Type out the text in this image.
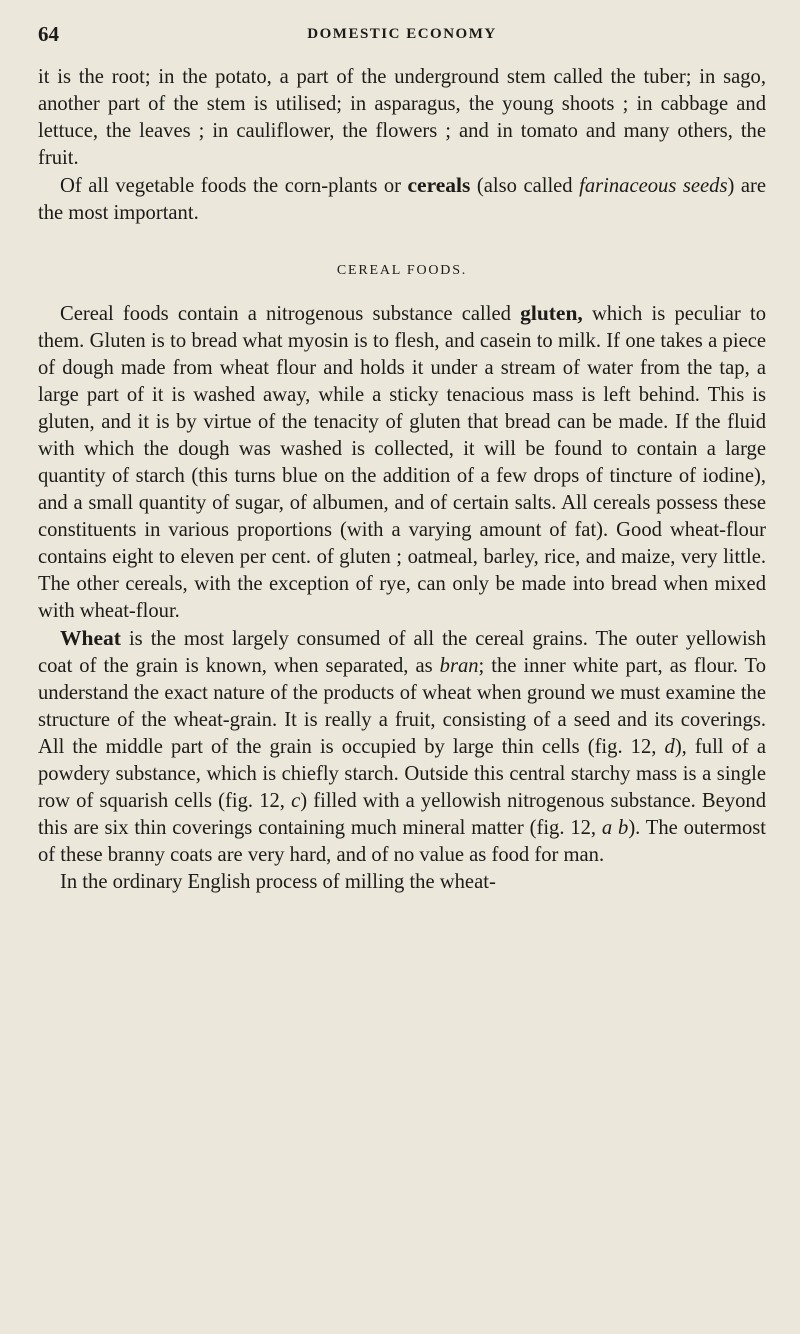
64	DOMESTIC ECONOMY

it is the root; in the potato, a part of the underground stem called the tuber; in sago, another part of the stem is utilised; in asparagus, the young shoots ; in cabbage and lettuce, the leaves ; in cauliflower, the flowers ; and in tomato and many others, the fruit.

Of all vegetable foods the corn-plants or cereals (also called farinaceous seeds) are the most important.

CEREAL FOODS.

Cereal foods contain a nitrogenous substance called gluten, which is peculiar to them. Gluten is to bread what myosin is to flesh, and casein to milk. If one takes a piece of dough made from wheat flour and holds it under a stream of water from the tap, a large part of it is washed away, while a sticky tenacious mass is left behind. This is gluten, and it is by virtue of the tenacity of gluten that bread can be made. If the fluid with which the dough was washed is collected, it will be found to contain a large quantity of starch (this turns blue on the addition of a few drops of tincture of iodine), and a small quantity of sugar, of albumen, and of certain salts. All cereals possess these constituents in various proportions (with a varying amount of fat). Good wheat-flour contains eight to eleven per cent. of gluten ; oatmeal, barley, rice, and maize, very little. The other cereals, with the exception of rye, can only be made into bread when mixed with wheat-flour.

Wheat is the most largely consumed of all the cereal grains. The outer yellowish coat of the grain is known, when separated, as bran; the inner white part, as flour. To understand the exact nature of the products of wheat when ground we must examine the structure of the wheat-grain. It is really a fruit, consisting of a seed and its coverings. All the middle part of the grain is occupied by large thin cells (fig. 12, d), full of a powdery substance, which is chiefly starch. Outside this central starchy mass is a single row of squarish cells (fig. 12, c) filled with a yellowish nitrogenous substance. Beyond this are six thin coverings containing much mineral matter (fig. 12, a b). The outermost of these branny coats are very hard, and of no value as food for man.

In the ordinary English process of milling the wheat-
